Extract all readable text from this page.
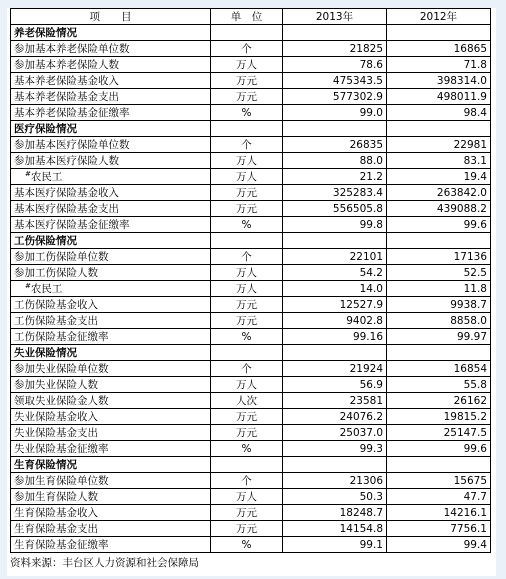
项　　目	单　位	2013年	2012年
养老保险情况			
参加基本养老保险单位数	个	21825	16865
参加基本养老保险人数	万人	78.6	71.8
基本养老保险基金收入	万元	475343.5	398314.0
基本养老保险基金支出	万元	577302.9	498011.9
基本养老保险基金征缴率	%	99.0	98.4
医疗保险情况			
参加基本医疗保险单位数	个	26835	22981
参加基本医疗保险人数	万人	88.0	83.1
#农民工	万人	21.2	19.4
基本医疗保险基金收入	万元	325283.4	263842.0
基本医疗保险基金支出	万元	556505.8	439088.2
基本医疗保险基金征缴率	%	99.8	99.6
工伤保险情况			
参加工伤保险单位数	个	22101	17136
参加工伤保险人数	万人	54.2	52.5
#农民工	万人	14.0	11.8
工伤保险基金收入	万元	12527.9	9938.7
工伤保险基金支出	万元	9402.8	8858.0
工伤保险基金征缴率	%	99.16	99.97
失业保险情况			
参加失业保险单位数	个	21924	16854
参加失业保险人数	万人	56.9	55.8
领取失业保险金人数	人次	23581	26162
失业保险基金收入	万元	24076.2	19815.2
失业保险基金支出	万元	25037.0	25147.5
失业保险基金征缴率	%	99.3	99.6
生育保险情况			
参加生育保险单位数	个	21306	15675
参加生育保险人数	万人	50.3	47.7
生育保险基金收入	万元	18248.7	14216.1
生育保险基金支出	万元	14154.8	7756.1
生育保险基金征缴率	%	99.1	99.4
资料来源：丰台区人力资源和社会保障局
